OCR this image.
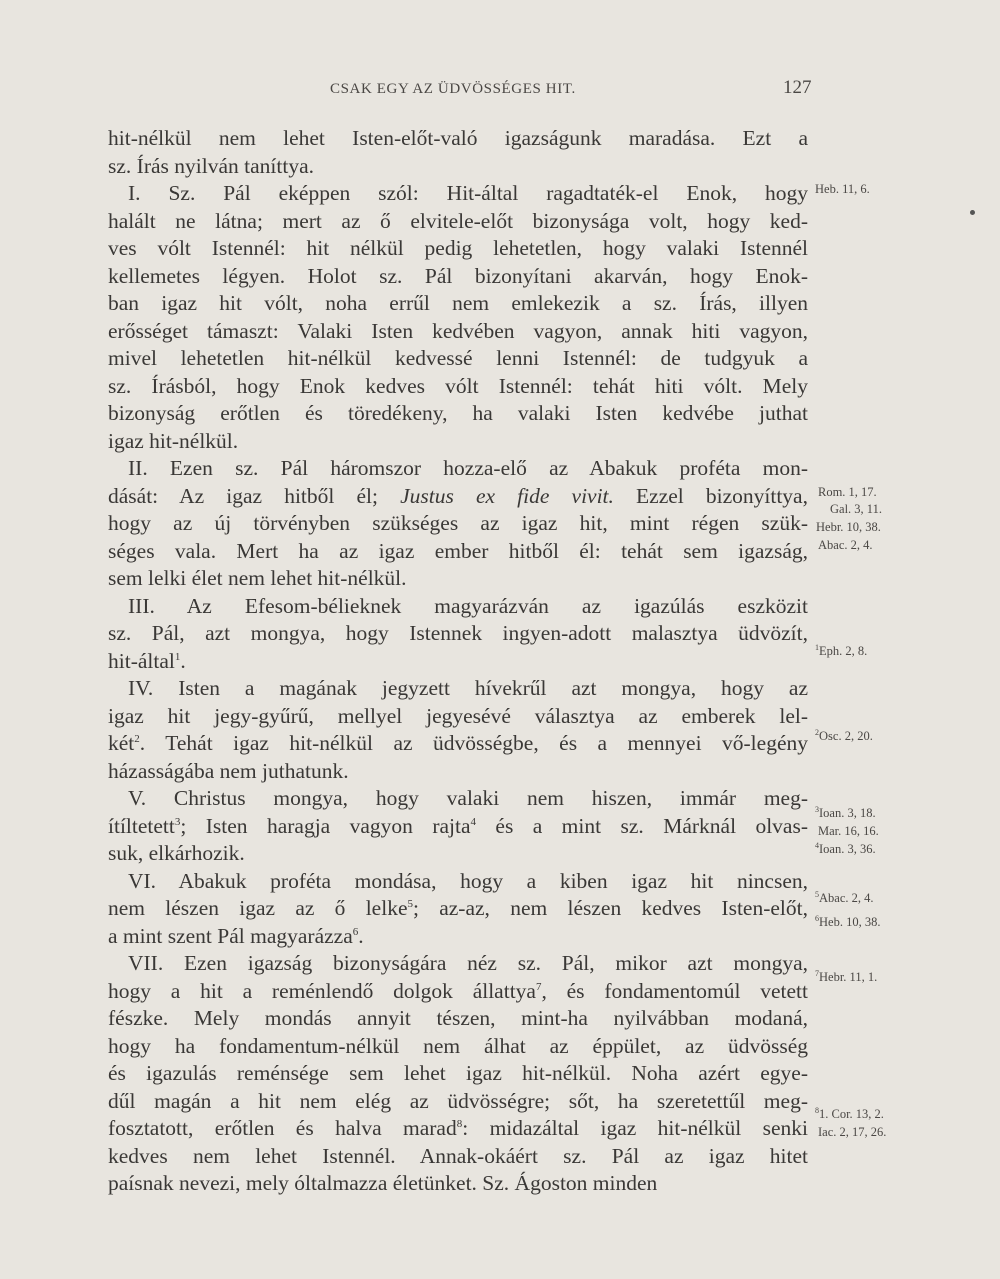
CSAK EGY AZ ÜDVÖSSÉGES HIT.	127
hit-nélkül nem lehet Isten-előt-való igazságunk maradása. Ezt a
sz. Írás nyilván taníttya.
I. Sz. Pál eképpen szól: Hit-által ragadtaték-el Enok, hogy
halált ne látna; mert az ő elvitele-előt bizonysága volt, hogy ked-
ves vólt Istennél: hit nélkül pedig lehetetlen, hogy valaki Istennél
kellemetes légyen. Holot sz. Pál bizonyítani akarván, hogy Enok-
ban igaz hit vólt, noha errűl nem emlekezik a sz. Írás, illyen
erősséget támaszt: Valaki Isten kedvében vagyon, annak hiti vagyon,
mivel lehetetlen hit-nélkül kedvessé lenni Istennél: de tudgyuk a
sz. Írásból, hogy Enok kedves vólt Istennél: tehát hiti vólt. Mely
bizonyság erőtlen és töredékeny, ha valaki Isten kedvébe juthat
igaz hit-nélkül.
II. Ezen sz. Pál háromszor hozza-elő az Abakuk proféta mon-
dását: Az igaz hitből él; Justus ex fide vivit. Ezzel bizonyíttya,
hogy az új törvényben szükséges az igaz hit, mint régen szük-
séges vala. Mert ha az igaz ember hitből él: tehát sem igazság,
sem lelki élet nem lehet hit-nélkül.
III. Az Efesom-bélieknek magyarázván az igazúlás eszközit
sz. Pál, azt mongya, hogy Istennek ingyen-adott malasztya üdvözít,
hit-által$^1$.
IV. Isten a magának jegyzett hívekrűl azt mongya, hogy az
igaz hit jegy-gyűrű, mellyel jegyesévé választya az emberek lel-
két$^2$. Tehát igaz hit-nélkül az üdvösségbe, és a mennyei vő-legény
házasságába nem juthatunk.
V. Christus mongya, hogy valaki nem hiszen, immár meg-
ítíltetett$^3$; Isten haragja vagyon rajta$^4$ és a mint sz. Márknál olvas-
suk, elkárhozik.
VI. Abakuk proféta mondása, hogy a kiben igaz hit nincsen,
nem lészen igaz az ő lelke$^5$; az-az, nem lészen kedves Isten-előt,
a mint szent Pál magyarázza$^6$.
VII. Ezen igazság bizonyságára néz sz. Pál, mikor azt mongya,
hogy a hit a reménlendő dolgok állattya$^7$, és fondamentomúl vetett
fészke. Mely mondás annyit tészen, mint-ha nyilvábban modaná,
hogy ha fondamentum-nélkül nem álhat az éppület, az üdvösség
és igazulás reménsége sem lehet igaz hit-nélkül. Noha azért egye-
dűl magán a hit nem elég az üdvösségre; sőt, ha szeretettűl meg-
fosztatott, erőtlen és halva marad$^8$: midazáltal igaz hit-nélkül senki
kedves nem lehet Istennél. Annak-okáért sz. Pál az igaz hitet
paísnak nevezi, mely óltalmazza életünket. Sz. Ágoston minden
Heb. 11, 6.
Rom. 1, 17.
Gal. 3, 11.
Hebr. 10, 38.
Abac. 2, 4.
$^1$Eph. 2, 8.
$^2$Osc. 2, 20.
$^3$Ioan. 3, 18.
Mar. 16, 16.
$^4$Ioan. 3, 36.
$^5$Abac. 2, 4.
$^6$Heb. 10, 38.
$^7$Hebr. 11, 1.
$^8$1. Cor. 13, 2.
Iac. 2, 17, 26.
